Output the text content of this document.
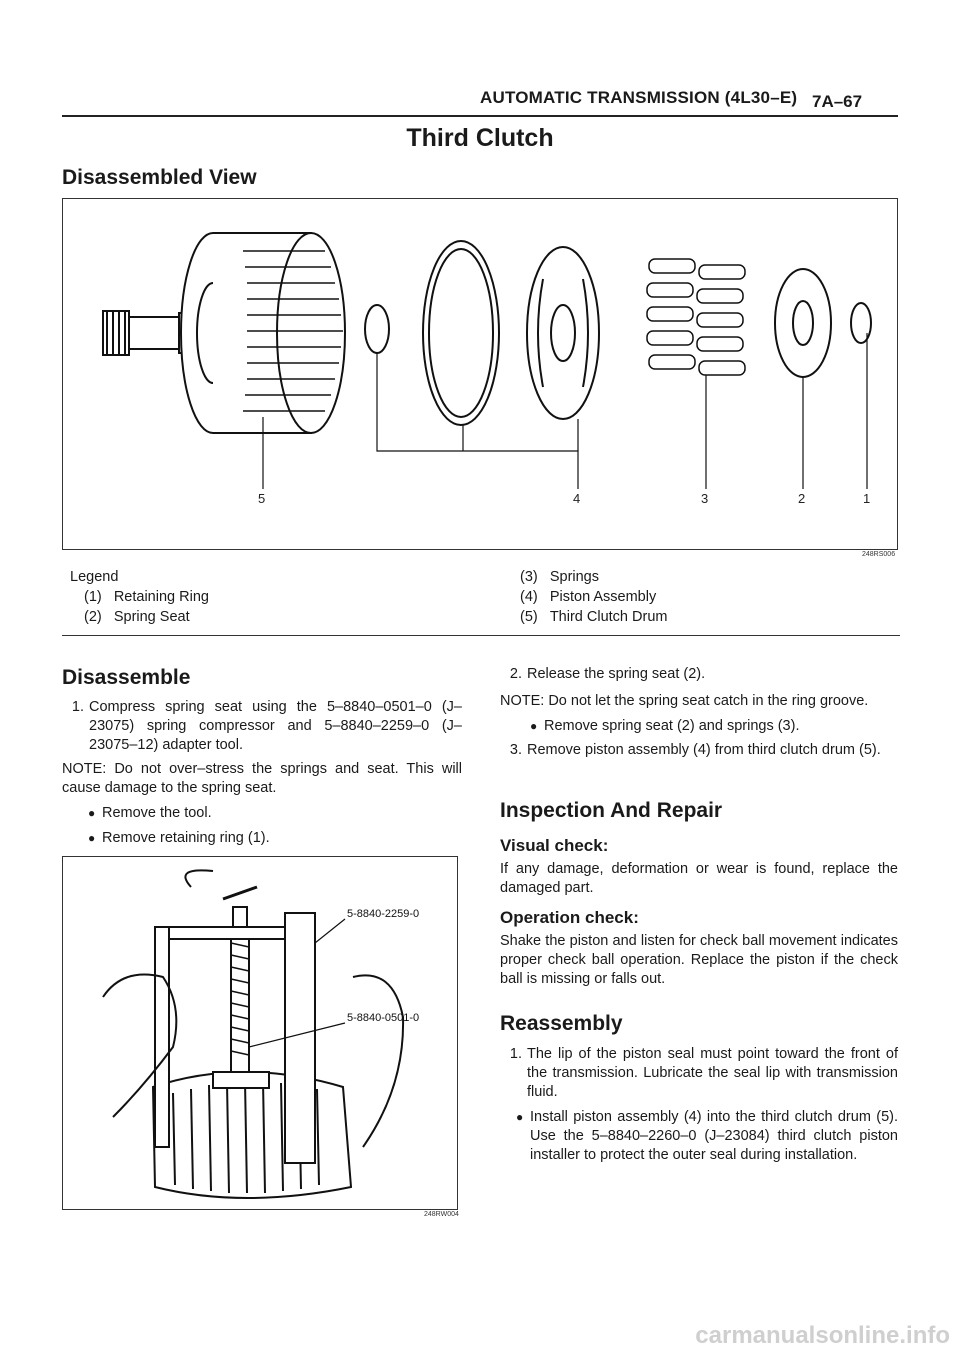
AUTOMATIC TRANSMISSION (4L30–E) 7A–67
Third Clutch
Disassembled View
5	4	3	2	1
248RS006
Legend
(1) Retaining Ring
(2) Spring Seat
(3) Springs
(4) Piston Assembly
(5) Third Clutch Drum
Disassemble
1. Compress spring seat using the 5–8840–0501–0 (J–23075) spring compressor and 5–8840–2259–0 (J–23075–12) adapter tool.
NOTE: Do not over–stress the springs and seat. This will cause damage to the spring seat.
● Remove the tool.
● Remove retaining ring (1).
5-8840-2259-0
5-8840-0501-0
248RW004
2. Release the spring seat (2).
NOTE: Do not let the spring seat catch in the ring groove.
● Remove spring seat (2) and springs (3).
3. Remove piston assembly (4) from third clutch drum (5).
Inspection And Repair
Visual check:
If any damage, deformation or wear is found, replace the damaged part.
Operation check:
Shake the piston and listen for check ball movement indicates proper check ball operation. Replace the piston if the check ball is missing or falls out.
Reassembly
1. The lip of the piston seal must point toward the front of the transmission. Lubricate the seal lip with transmission fluid.
● Install piston assembly (4) into the third clutch drum (5). Use the 5–8840–2260–0 (J–23084) third clutch piston installer to protect the outer seal during installation.
carmanualsonline.info
